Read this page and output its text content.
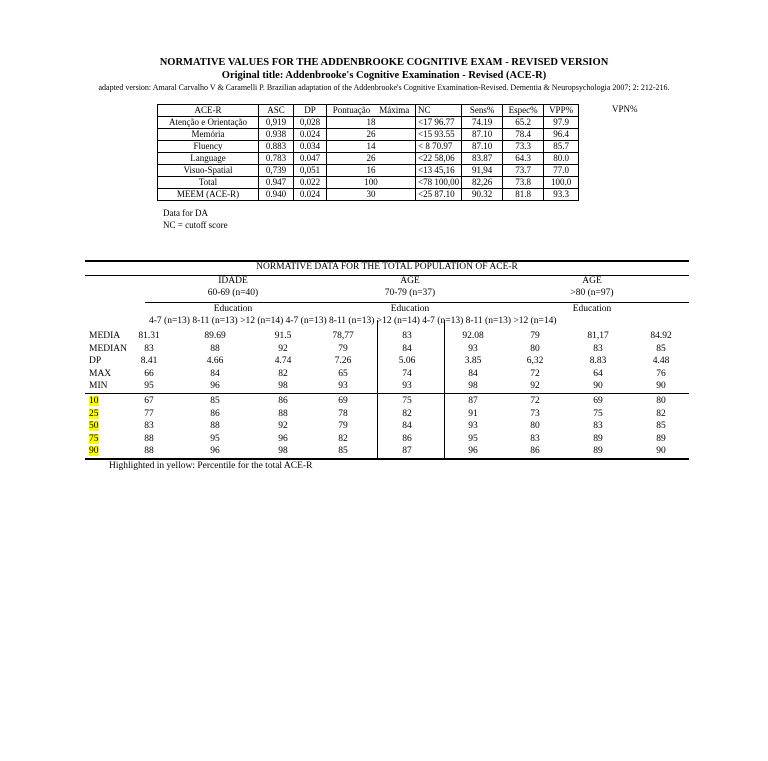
NORMATIVE VALUES FOR THE ADDENBROOKE COGNITIVE EXAM - REVISED VERSION
Original title: Addenbrooke's Cognitive Examination - Revised (ACE-R)
adapted version: Amaral Carvalho V & Caramelli P. Brazilian adaptation of the Addenbrooke's Cognitive Examination-Revised. Dementia & Neuropsychologia 2007; 2: 212-216.
ACE-R	ASC	DP	Pontuação Máxima	NC	Sens%	Espec%	VPP%
Atenção e Orientação	0,919	0,028	18	<17 96.77	74.19	65.2	97.9
Memória	0.938	0.024	26	<15 93.55	87.10	78.4	96.4
Fluency	0.883	0.034	14	< 8 70.97	87.10	73.3	85.7
Language	0.783	0.047	26	<22 58,06	83.87	64.3	80.0
Visuo-Spatial	0,739	0,051	16	<13 45,16	91,94	73.7	77.0
Total	0.947	0.022	100	<78 100,00	82,26	73.8	100.0
MEEM (ACE-R)	0.940	0.024	30	<25 87.10	90.32	81.8	93.3
VPN%
Data for DA
NC = cutoff score
NORMATIVE DATA FOR THE TOTAL POPULATION OF ACE-R
IDADE
60-69 (n=40)
AGE
70-79 (n=37)
AGE
>80 (n=97)
Education	Education	Education
4-7 (n=13) 8-11 (n=13) >12 (n=14) 4-7 (n=13) 8-11 (n=13) >12 (n=14) 4-7 (n=13) 8-11 (n=13) >12 (n=14)
MEDIA	81.31	89.69	91.5	78,77	83	92.08	79	81,17	84.92
MEDIAN	83	88	92	79	84	93	80	83	85
DP	8.41	4.66	4.74	7.26	5.06	3.85	6,32	8.83	4.48
MAX	66	84	82	65	74	84	72	64	76
MIN	95	96	98	93	93	98	92	90	90
10	67	85	86	69	75	87	72	69	80
25	77	86	88	78	82	91	73	75	82
50	83	88	92	79	84	93	80	83	85
75	88	95	96	82	86	95	83	89	89
90	88	96	98	85	87	96	86	89	90
Highlighted in yellow: Percentile for the total ACE-R
